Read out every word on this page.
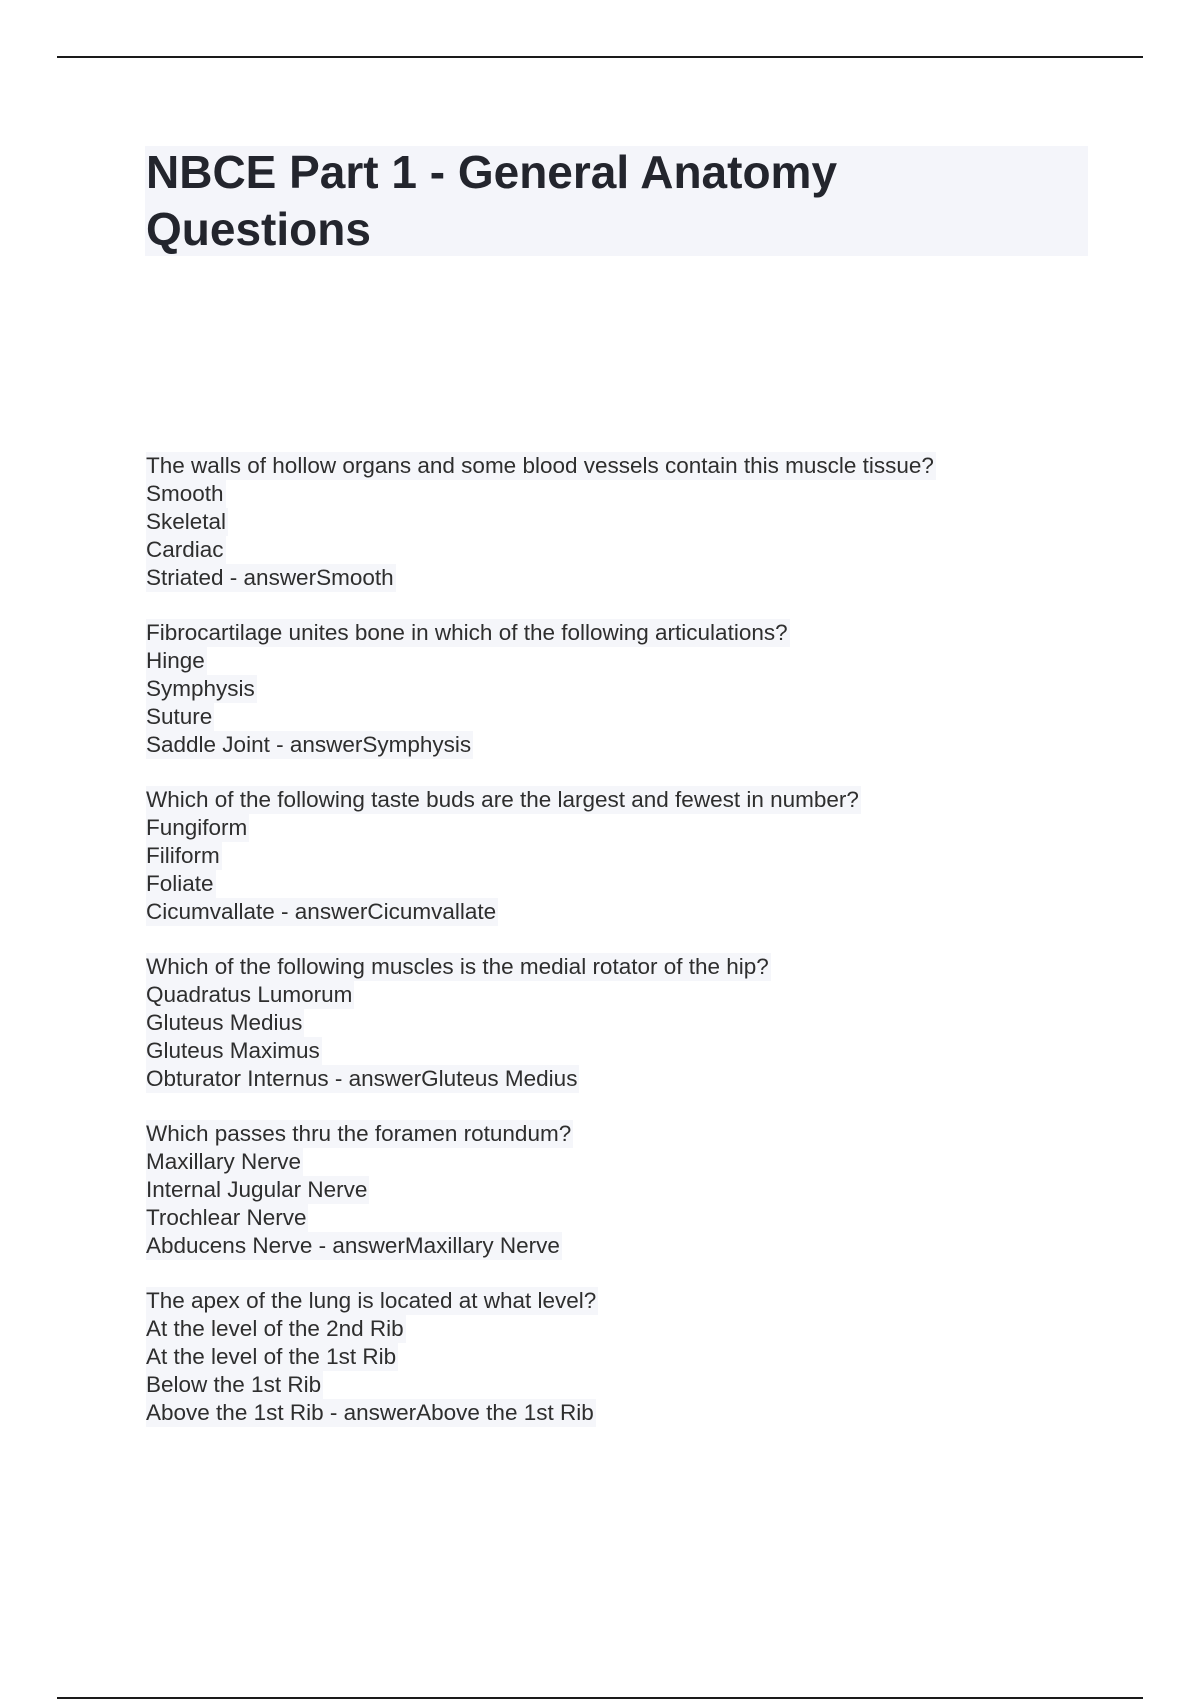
NBCE Part 1 - General Anatomy
Questions
The walls of hollow organs and some blood vessels contain this muscle tissue?
Smooth
Skeletal
Cardiac
Striated - answerSmooth
Fibrocartilage unites bone in which of the following articulations?
Hinge
Symphysis
Suture
Saddle Joint - answerSymphysis
Which of the following taste buds are the largest and fewest in number?
Fungiform
Filiform
Foliate
Cicumvallate - answerCicumvallate
Which of the following muscles is the medial rotator of the hip?
Quadratus Lumorum
Gluteus Medius
Gluteus Maximus
Obturator Internus - answerGluteus Medius
Which passes thru the foramen rotundum?
Maxillary Nerve
Internal Jugular Nerve
Trochlear Nerve
Abducens Nerve - answerMaxillary Nerve
The apex of the lung is located at what level?
At the level of the 2nd Rib
At the level of the 1st Rib
Below the 1st Rib
Above the 1st Rib - answerAbove the 1st Rib
